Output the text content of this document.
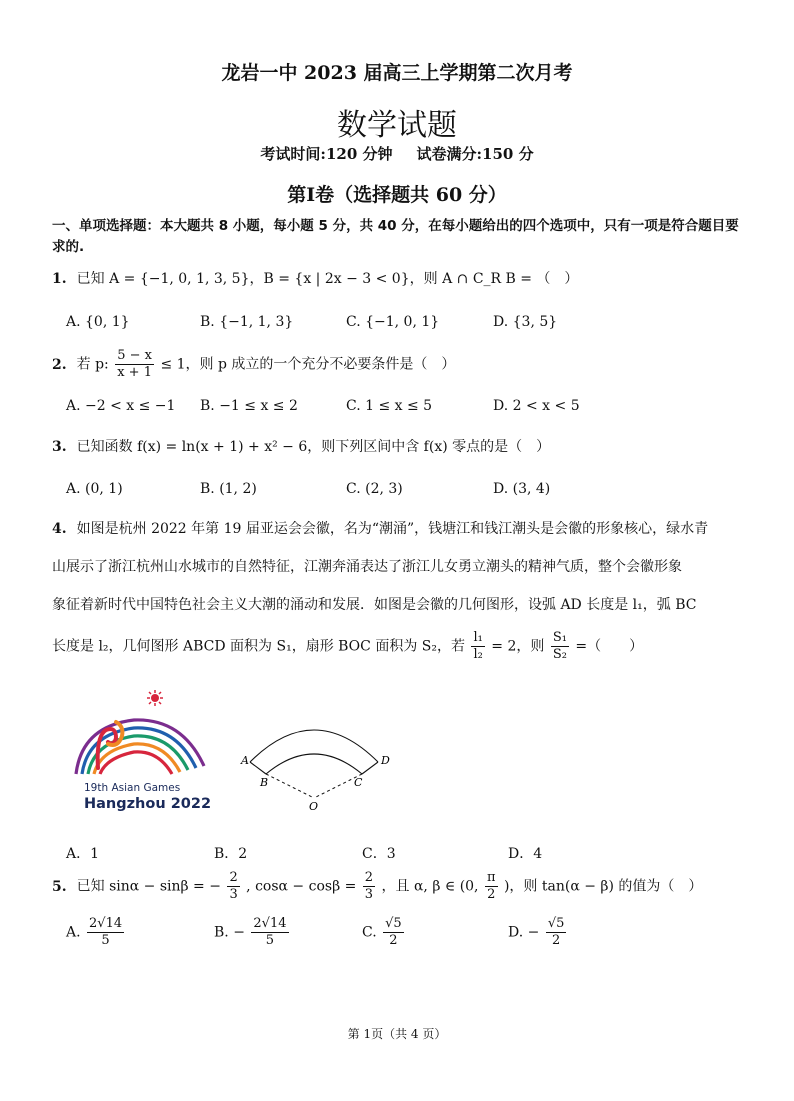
龙岩一中 2023 届高三上学期第二次月考
数学试题
考试时间:120 分钟 试卷满分:150 分
第Ⅰ卷（选择题共 60 分）
一、单项选择题：本大题共 8 小题，每小题 5 分，共 40 分，在每小题给出的四个选项中，只有一项是符合题目要求的.
1. 已知 A = {−1, 0, 1, 3, 5}，B = {x | 2x − 3 < 0}，则 A ∩ C_R B = （　）
A. {0, 1}	B. {−1, 1, 3}	C. {−1, 0, 1}	D. {3, 5}
2. 若 p: $\frac{5 - x}{x + 1} \le 1$，则 p 成立的一个充分不必要条件是（　）
A. −2 < x ≤ −1 B. −1 ≤ x ≤ 2	C. 1 ≤ x ≤ 5	D. 2 < x < 5
3. 已知函数 f(x) = ln(x + 1) + x² − 6，则下列区间中含 f(x) 零点的是（　）
A. (0, 1)	B. (1, 2)	C. (2, 3)	D. (3, 4)
4. 如图是杭州 2022 年第 19 届亚运会会徽，名为“潮涌”，钱塘江和钱江潮头是会徽的形象核心，绿水青
山展示了浙江杭州山水城市的自然特征，江潮奔涌表达了浙江儿女勇立潮头的精神气质，整个会徽形象
象征着新时代中国特色社会主义大潮的涌动和发展．如图是会徽的几何图形，设弧 AD 长度是 l₁，弧 BC
长度是 l₂，几何图形 ABCD 面积为 S₁，扇形 BOC 面积为 S₂，若 $\frac{\text{l₁}}{\text{l₂}} = 2$，则 $\frac{\text{S₁}}{\text{S₂}}$ =（　　）
19th Asian Games
Hangzhou 2022
A
B	C
D
O
A．1	B．2	C．3	D．4
5. 已知 sinα − sinβ = − $\frac{2}{3}$ , $\cos\alpha - \cos\beta = \frac{2}{3}$ ，且 α, β ∈ (0, $\frac{\pi}{2}$ )，则 tan(α − β) 的值为（　）
A. $\frac{2√14}{5}$	B. − $\frac{2√14}{5}$	C. $\frac{√5}{2}$	D. − $\frac{√5}{2}$
第 1页（共 4 页）
